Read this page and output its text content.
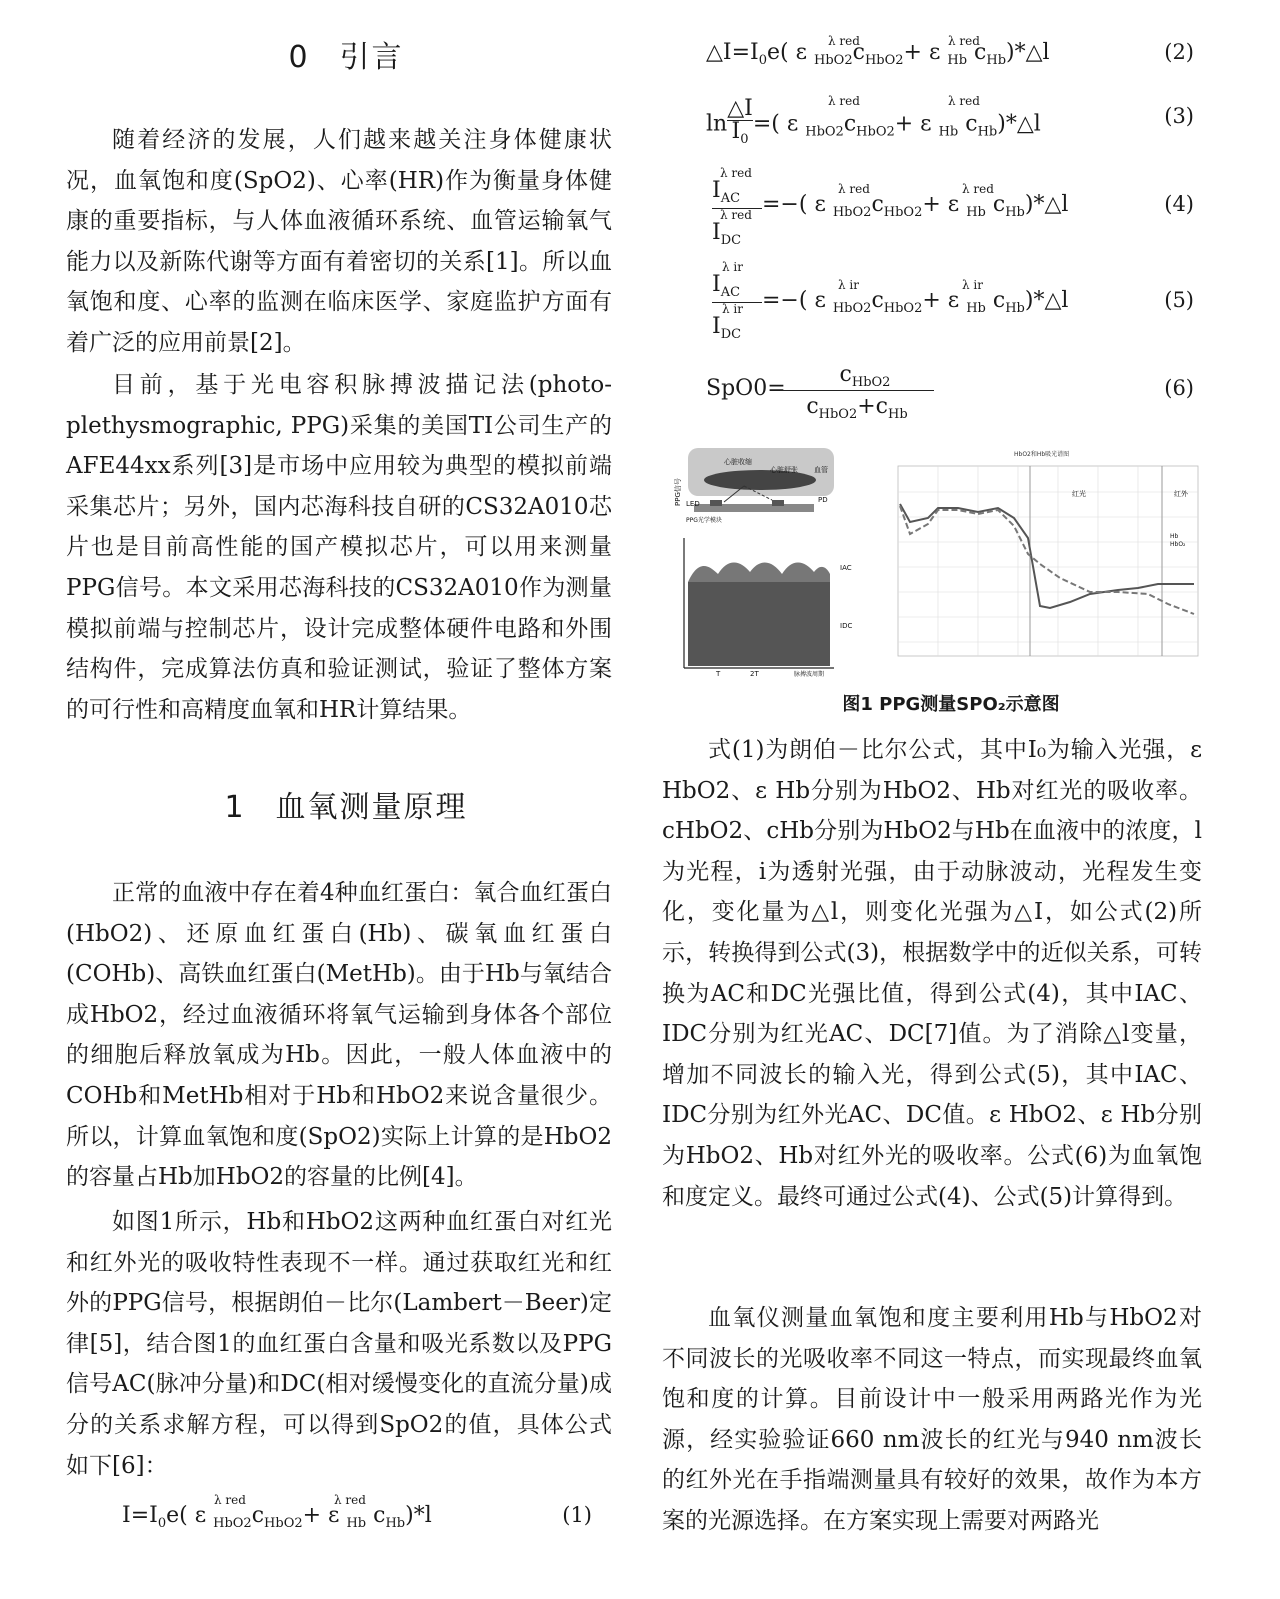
0 引言

随着经济的发展，人们越来越关注身体健康状况，血氧饱和度(SpO2)、心率(HR)作为衡量身体健康的重要指标，与人体血液循环系统、血管运输氧气能力以及新陈代谢等方面有着密切的关系[1]。所以血氧饱和度、心率的监测在临床医学、家庭监护方面有着广泛的应用前景[2]。

目前，基于光电容积脉搏波描记法(photo-plethysmographic, PPG)采集的美国TI公司生产的AFE44xx系列[3]是市场中应用较为典型的模拟前端采集芯片；另外，国内芯海科技自研的CS32A010芯片也是目前高性能的国产模拟芯片，可以用来测量PPG信号。本文采用芯海科技的CS32A010作为测量模拟前端与控制芯片，设计完成整体硬件电路和外围结构件，完成算法仿真和验证测试，验证了整体方案的可行性和高精度血氧和HR计算结果。

1 血氧测量原理

正常的血液中存在着4种血红蛋白：氧合血红蛋白(HbO2)、还原血红蛋白(Hb)、碳氧血红蛋白(COHb)、高铁血红蛋白(MetHb)。由于Hb与氧结合成HbO2，经过血液循环将氧气运输到身体各个部位的细胞后释放氧成为Hb。因此，一般人体血液中的COHb和MetHb相对于Hb和HbO2来说含量很少。所以，计算血氧饱和度(SpO2)实际上计算的是HbO2的容量占Hb加HbO2的容量的比例[4]。

如图1所示，Hb和HbO2这两种血红蛋白对红光和红外光的吸收特性表现不一样。通过获取红光和红外的PPG信号，根据朗伯－比尔(Lambert－Beer)定律[5]，结合图1的血红蛋白含量和吸光系数以及PPG信号AC(脉冲分量)和DC(相对缓慢变化的直流分量)成分的关系求解方程，可以得到SpO2的值，具体公式如下[6]：

$I=I_0e$( ε $_{HbO2}c_{HbO2}+ \varepsilon$ $_{Hb}$ $c_{Hb})*l$
λ red	λ red
(1)
$\triangle I=I_0e$( ε $_{HbO2}c_{HbO2}+ \varepsilon$ $_{Hb}$ $c_{Hb})*\triangle l$
λ red	λ red	(2)
$\ln \frac{\triangle I}{I_0}$ =( ε $_{HbO2}c_{HbO2}+ \varepsilon$ $_{Hb}$ $c_{Hb})*\triangle l$
λ red	λ red
(3)
λ red
$I_{AC}$
λ red
$I_{DC}$
=−( ε $_{HbO2}c_{HbO2}+ \varepsilon$ $_{Hb}$ $c_{Hb})*\triangle l$
λ red	λ red
(4)
λ ir
$I_{AC}$
λ ir
$I_{DC}$
=−( ε $_{HbO2}c_{HbO2}+ \varepsilon$ $_{Hb}$ $c_{Hb})*\triangle l$
λ ir	λ ir
(5)
SpO0=
$c_{HbO2}$
$c_{HbO2}+c_{Hb}$
(6)
心脏收缩
心脏舒张 血管
LED	PD
PPG光学模块
PPG信号
IAC
IDC
T	2T	脉搏波周期
HbO2和Hb吸光谱图
红光	红外
Hb
HbO₂
图1 PPG测量SPO₂示意图

式(1)为朗伯－比尔公式，其中I₀为输入光强，ε HbO2、ε Hb分别为HbO2、Hb对红光的吸收率。cHbO2、cHb分别为HbO2与Hb在血液中的浓度，l为光程，i为透射光强，由于动脉波动，光程发生变化，变化量为△l，则变化光强为△I，如公式(2)所示，转换得到公式(3)，根据数学中的近似关系，可转换为AC和DC光强比值，得到公式(4)，其中IAC、IDC分别为红光AC、DC[7]值。为了消除△l变量，增加不同波长的输入光，得到公式(5)，其中IAC、IDC分别为红外光AC、DC值。ε HbO2、ε Hb分别为HbO2、Hb对红外光的吸收率。公式(6)为血氧饱和度定义。最终可通过公式(4)、公式(5)计算得到。

血氧仪测量血氧饱和度主要利用Hb与HbO2对不同波长的光吸收率不同这一特点，而实现最终血氧饱和度的计算。目前设计中一般采用两路光作为光源，经实验验证660 nm波长的红光与940 nm波长的红外光在手指端测量具有较好的效果，故作为本方案的光源选择。在方案实现上需要对两路光
